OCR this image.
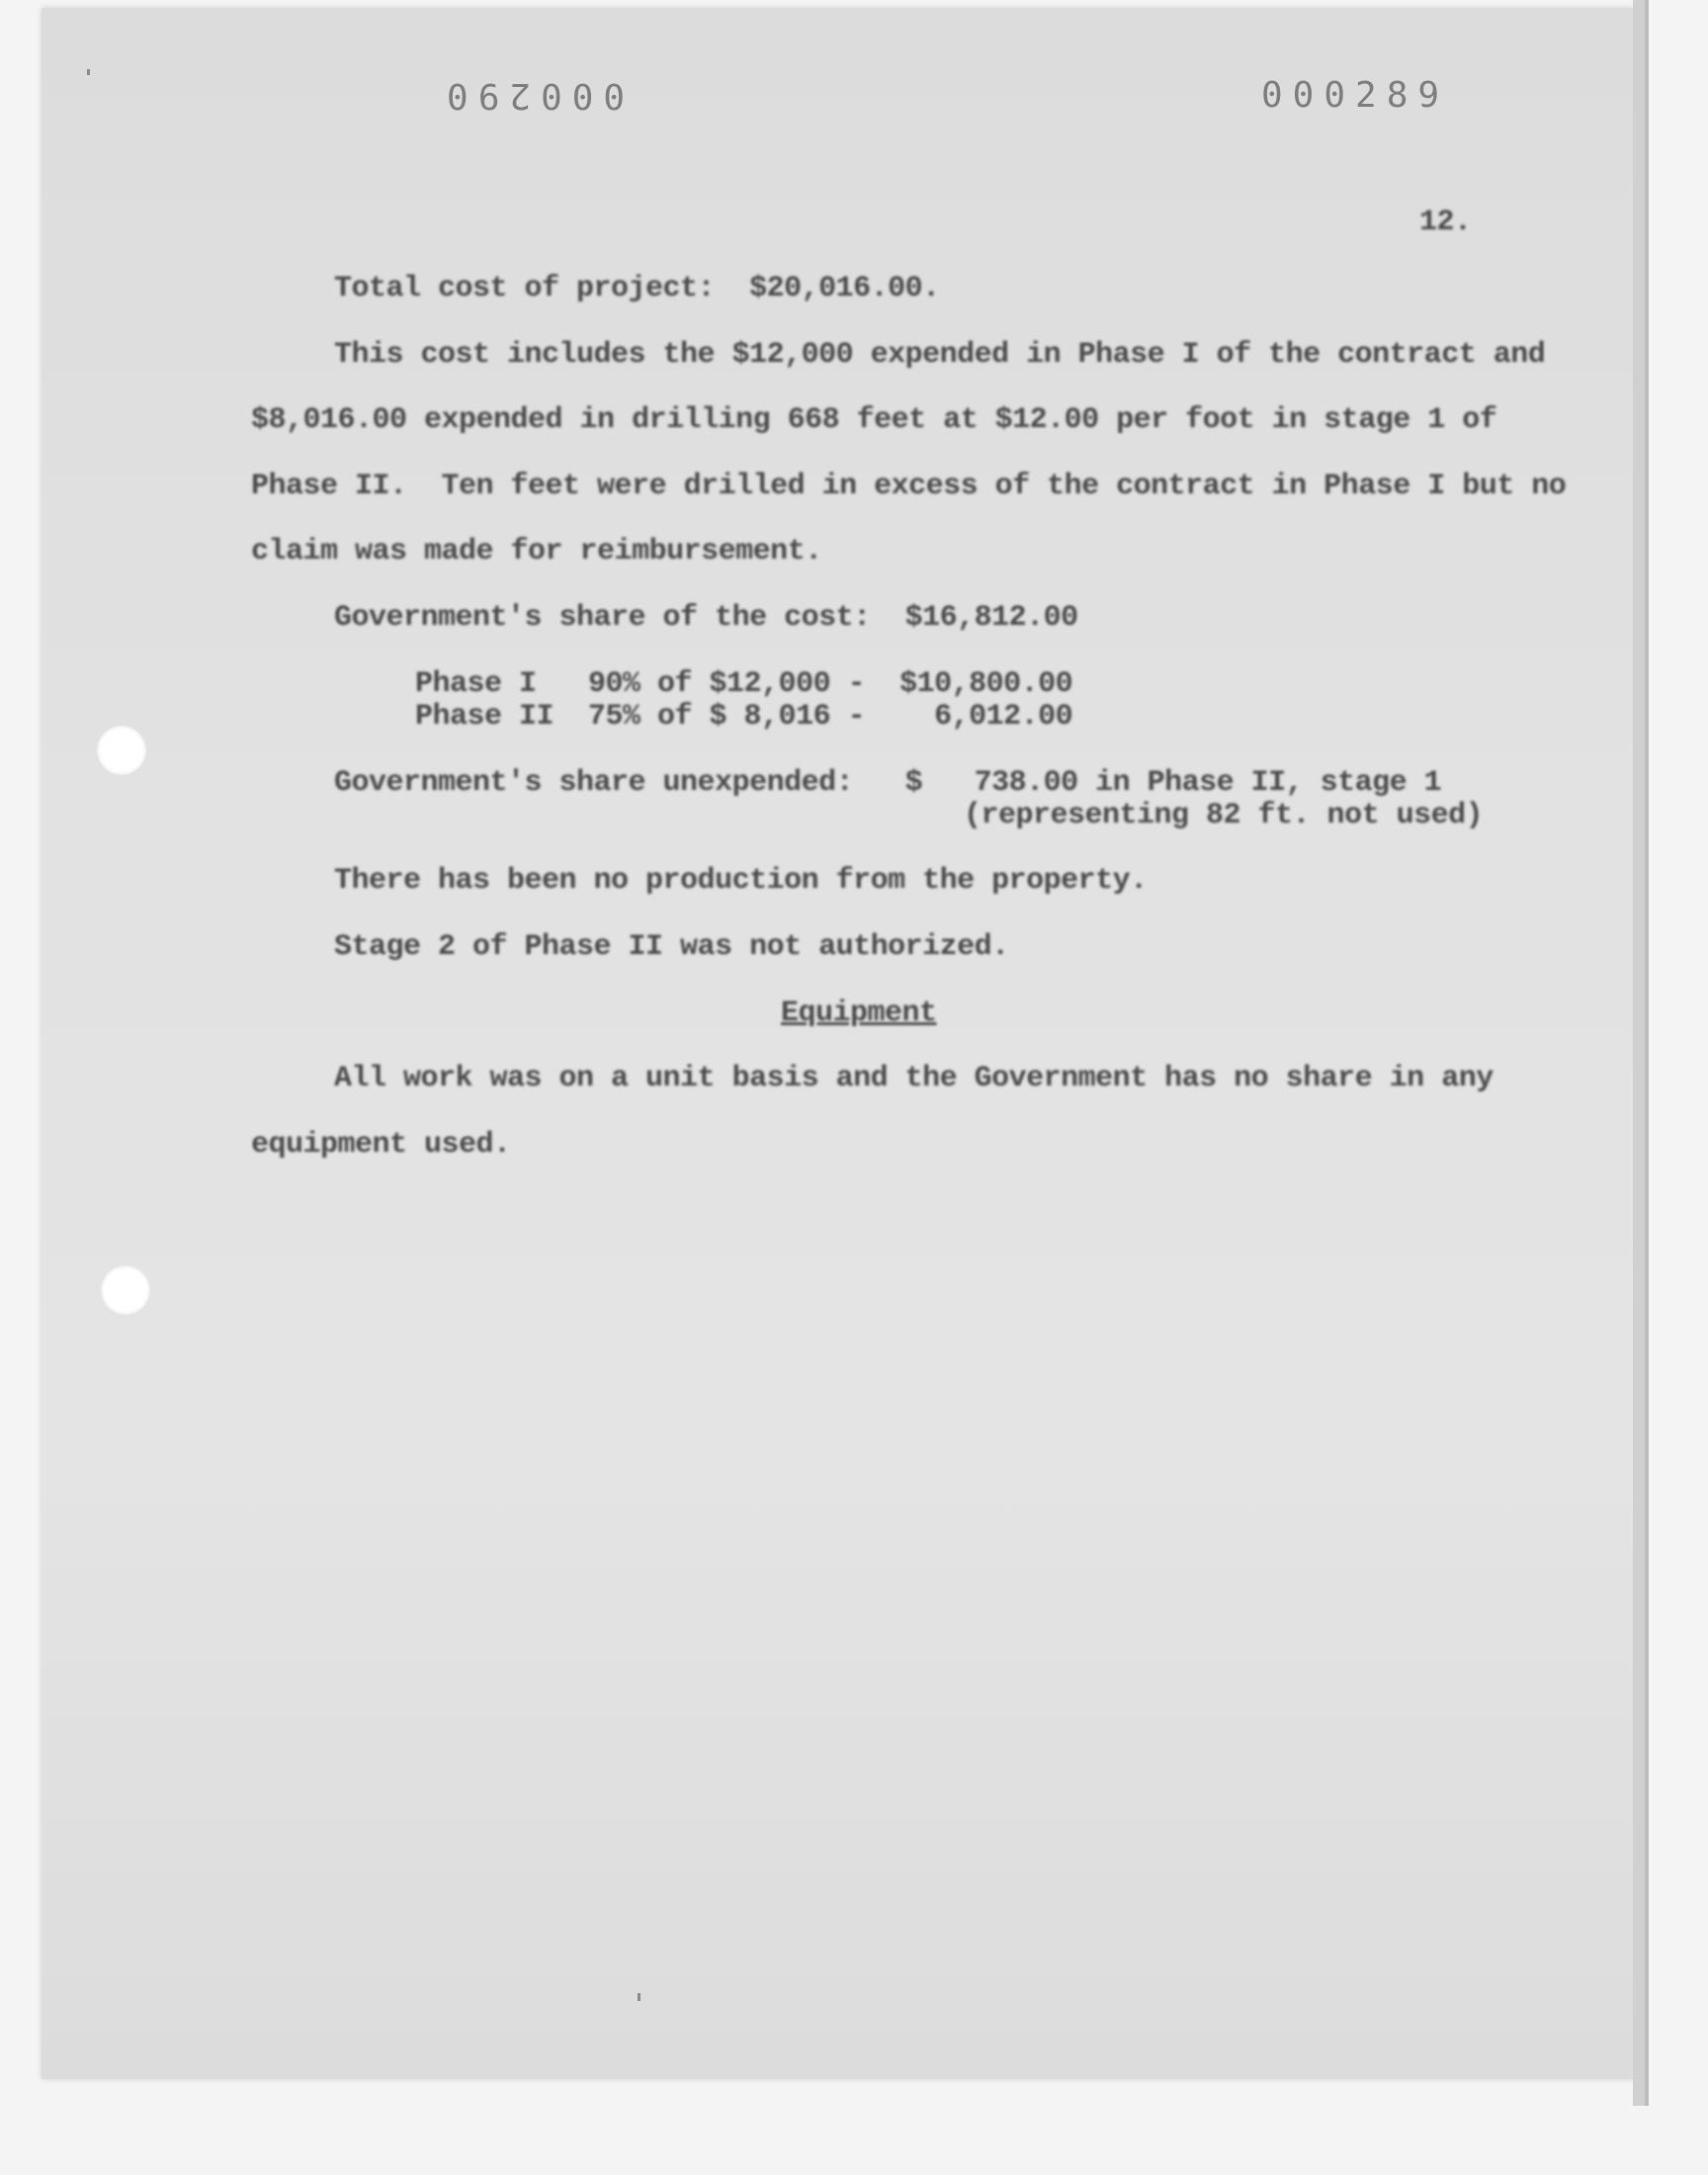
000290	000289
12.
Total cost of project:  $20,016.00.
This cost includes the $12,000 expended in Phase I of the contract and
$8,016.00 expended in drilling 668 feet at $12.00 per foot in stage 1 of
Phase II.  Ten feet were drilled in excess of the contract in Phase I but no
claim was made for reimbursement.
Government's share of the cost:  $16,812.00
Phase I   90% of $12,000 -  $10,800.00
Phase II  75% of $ 8,016 -    6,012.00
Government's share unexpended:   $   738.00 in Phase II, stage 1
(representing 82 ft. not used)
There has been no production from the property.
Stage 2 of Phase II was not authorized.
Equipment
All work was on a unit basis and the Government has no share in any
equipment used.
